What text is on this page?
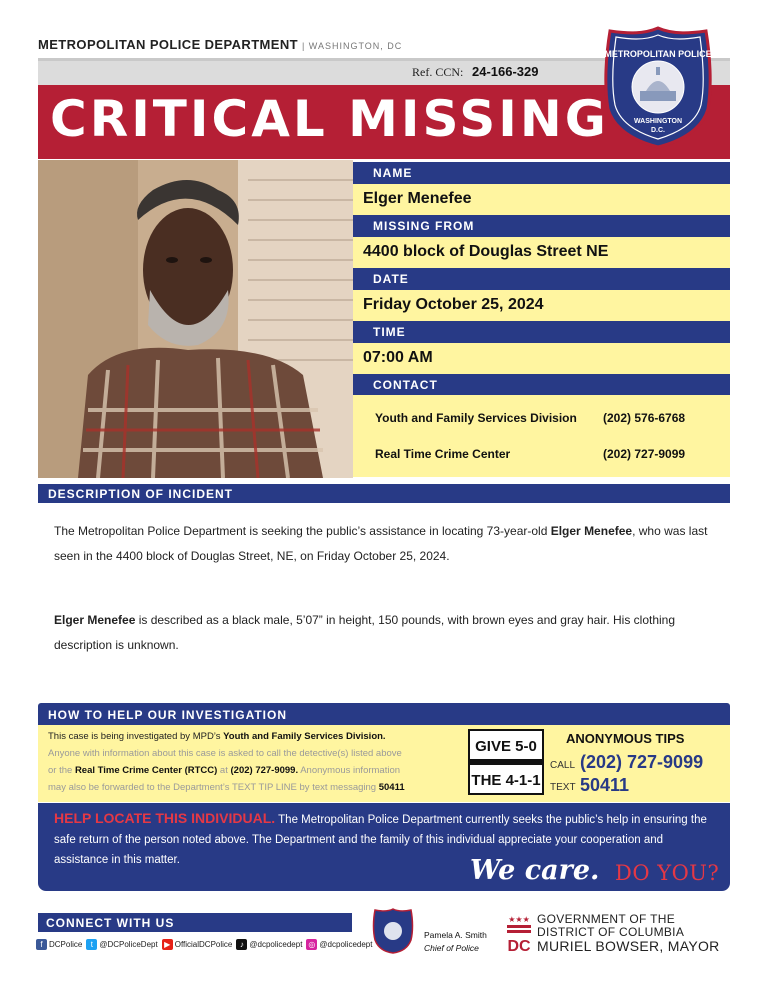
METROPOLITAN POLICE DEPARTMENT | WASHINGTON, DC
Ref. CCN: 24-166-329
CRITICAL MISSING
METROPOLITAN POLICE
WASHINGTON
D.C.
NAME
Elger Menefee
MISSING FROM
4400 block of Douglas Street NE
DATE
Friday October 25, 2024
TIME
07:00 AM
CONTACT
Youth and Family Services Division (202) 576-6768
Real Time Crime Center	(202) 727-9099
DESCRIPTION OF INCIDENT
The Metropolitan Police Department is seeking the public’s assistance in locating 73-year-old Elger Menefee, who was last seen in the 4400 block of Douglas Street, NE, on Friday October 25, 2024.
Elger Menefee is described as a black male, 5’07” in height, 150 pounds, with brown eyes and gray hair. His clothing description is unknown.
HOW TO HELP OUR INVESTIGATION
This case is being investigated by MPD’s Youth and Family Services Division.
Anyone with information about this case is asked to call the detective(s) listed above
or the Real Time Crime Center (RTCC) at (202) 727-9099. Anonymous information
may also be forwarded to the Department’s TEXT TIP LINE by text messaging 50411
GIVE 5-0
THE 4-1-1
ANONYMOUS TIPS
CALL (202) 727-9099
TEXT 50411
HELP LOCATE THIS INDIVIDUAL. The Metropolitan Police Department currently seeks the public’s help in ensuring the safe return of the person noted above. The Department and the family of this individual appreciate your cooperation and assistance in this matter.	We care. DO YOU?
CONNECT WITH US
f DCPolice t @DCPoliceDept ▶ OfficialDCPolice ♪ @dcpolicedept ◎ @dcpolicedept
Pamela A. Smith
Chief of Police
★★★
DC
GOVERNMENT OF THE
DISTRICT OF COLUMBIA
MURIEL BOWSER, MAYOR
